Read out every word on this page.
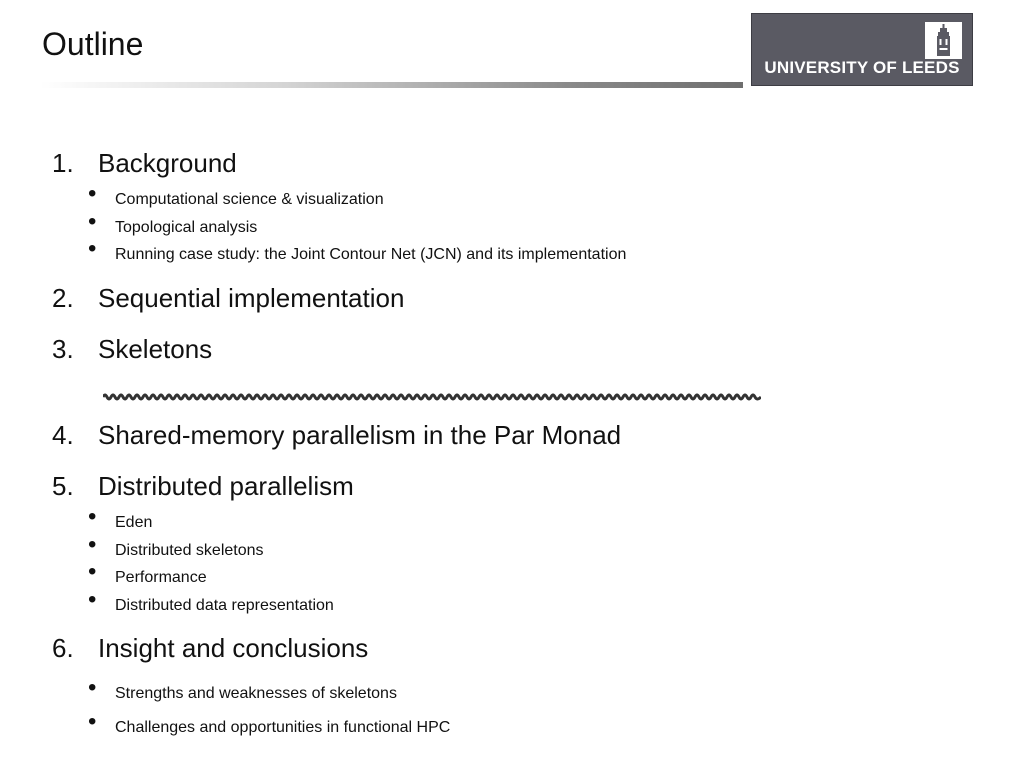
Outline
UNIVERSITY OF LEEDS
1. Background
• Computational science & visualization
• Topological analysis
• Running case study: the Joint Contour Net (JCN) and its implementation
2. Sequential implementation
3. Skeletons
4. Shared-memory parallelism in the Par Monad
5. Distributed parallelism
• Eden
• Distributed skeletons
• Performance
• Distributed data representation
6. Insight and conclusions
• Strengths and weaknesses of skeletons
• Challenges and opportunities in functional HPC
